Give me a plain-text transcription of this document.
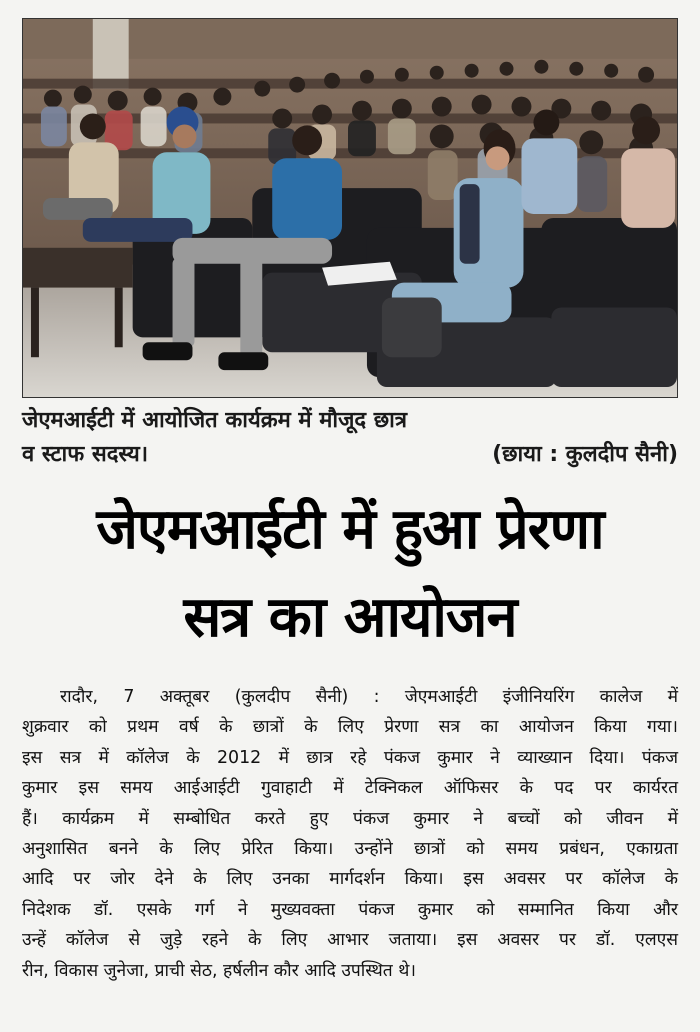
जेएमआईटी में आयोजित कार्यक्रम में मौजूद छात्र
व स्टाफ सदस्य।	(छाया : कुलदीप सैनी)
जेएमआईटी में हुआ प्रेरणा
सत्र का आयोजन
रादौर, 7 अक्तूबर (कुलदीप सैनी) : जेएमआईटी इंजीनियरिंग कालेज में
शुक्रवार को प्रथम वर्ष के छात्रों के लिए प्रेरणा सत्र का आयोजन किया गया।
इस सत्र में कॉलेज के 2012 में छात्र रहे पंकज कुमार ने व्याख्यान दिया। पंकज
कुमार इस समय आईआईटी गुवाहाटी में टेक्निकल ऑफिसर के पद पर कार्यरत
हैं। कार्यक्रम में सम्बोधित करते हुए पंकज कुमार ने बच्चों को जीवन में
अनुशासित बनने के लिए प्रेरित किया। उन्होंने छात्रों को समय प्रबंधन, एकाग्रता
आदि पर जोर देने के लिए उनका मार्गदर्शन किया। इस अवसर पर कॉलेज के
निदेशक डॉ. एसके गर्ग ने मुख्यवक्ता पंकज कुमार को सम्मानित किया और
उन्हें कॉलेज से जुड़े रहने के लिए आभार जताया। इस अवसर पर डॉ. एलएस
रीन, विकास जुनेजा, प्राची सेठ, हर्षलीन कौर आदि उपस्थित थे।
